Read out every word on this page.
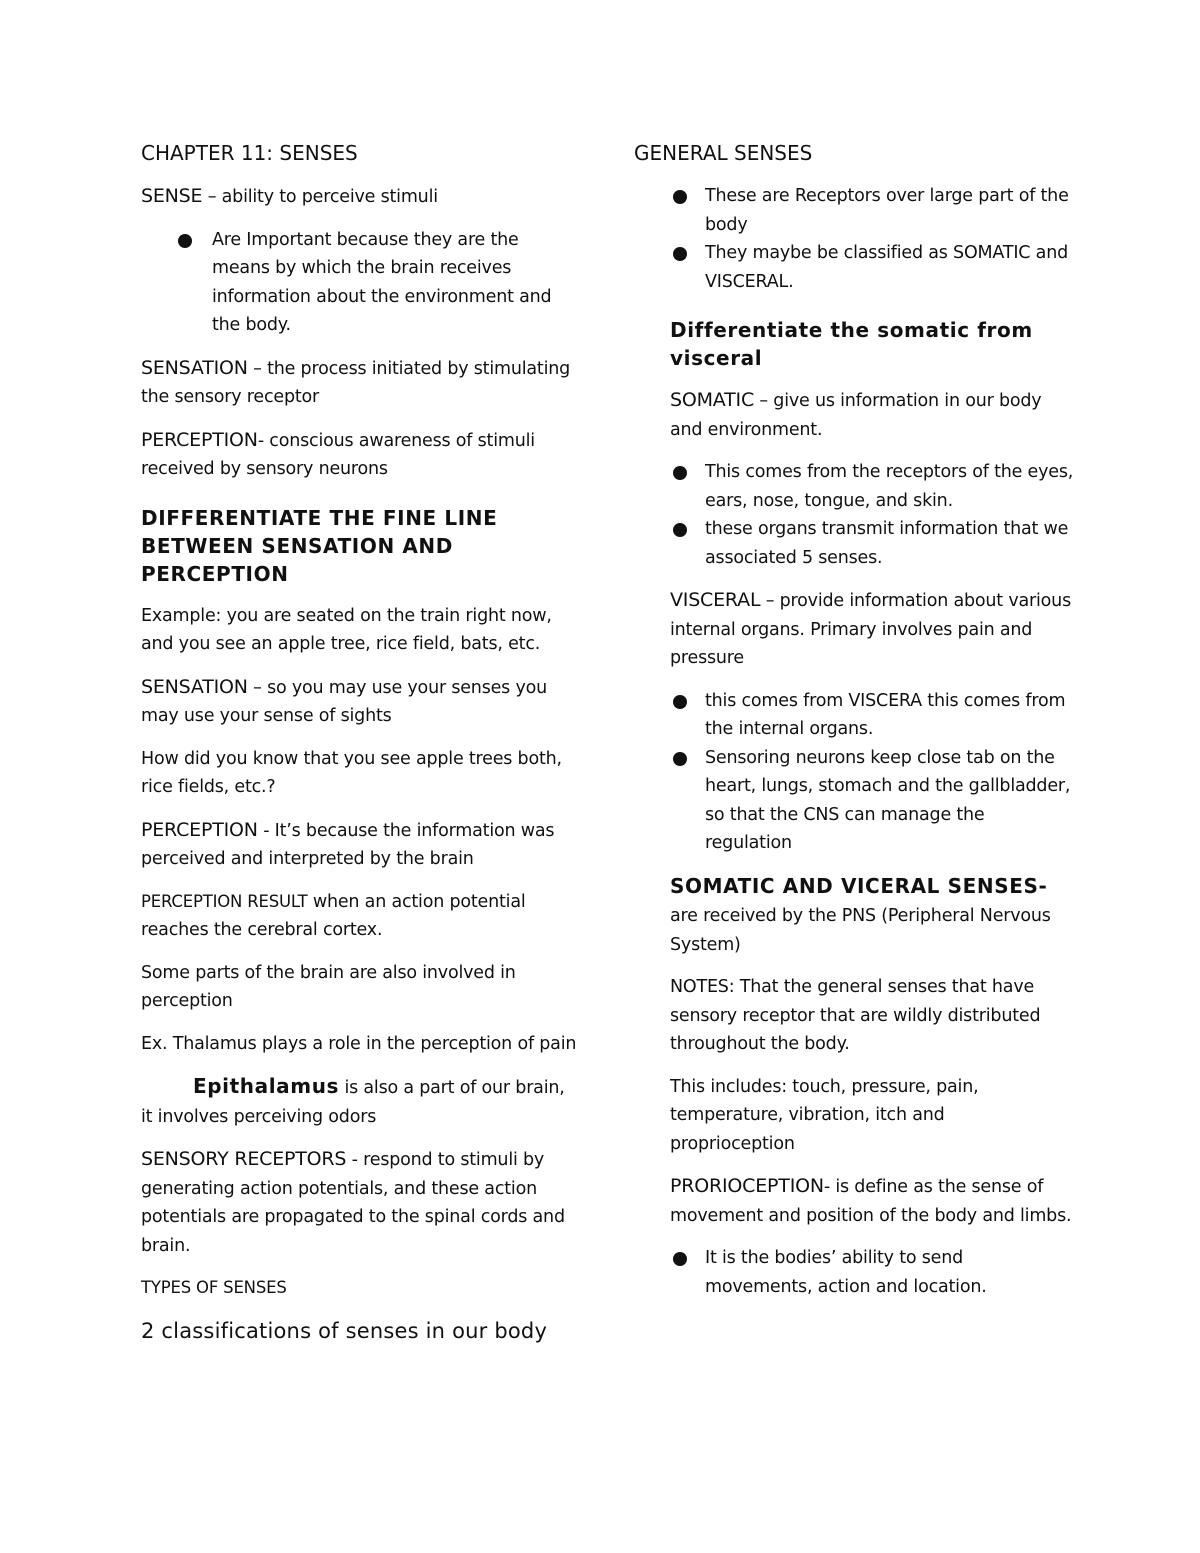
CHAPTER 11: SENSES

SENSE – ability to perceive stimuli

Are Important because they are the means by which the brain receives information about the environment and the body.

SENSATION – the process initiated by stimulating the sensory receptor

PERCEPTION- conscious awareness of stimuli received by sensory neurons

DIFFERENTIATE THE FINE LINE BETWEEN SENSATION AND PERCEPTION

Example: you are seated on the train right now, and you see an apple tree, rice field, bats, etc.

SENSATION – so you may use your senses you may use your sense of sights

How did you know that you see apple trees both, rice fields, etc.?

PERCEPTION - It’s because the information was perceived and interpreted by the brain

PERCEPTION RESULT when an action potential reaches the cerebral cortex.

Some parts of the brain are also involved in perception

Ex. Thalamus plays a role in the perception of pain

Epithalamus is also a part of our brain, it involves perceiving odors

SENSORY RECEPTORS - respond to stimuli by generating action potentials, and these action potentials are propagated to the spinal cords and brain.

TYPES OF SENSES

2 classifications of senses in our body

GENERAL SENSES

These are Receptors over large part of the body
They maybe be classified as SOMATIC and VISCERAL.

Differentiate the somatic from visceral

SOMATIC – give us information in our body and environment.

This comes from the receptors of the eyes, ears, nose, tongue, and skin.
these organs transmit information that we associated 5 senses.

VISCERAL – provide information about various internal organs. Primary involves pain and pressure

this comes from VISCERA this comes from the internal organs.
Sensoring neurons keep close tab on the heart, lungs, stomach and the gallbladder, so that the CNS can manage the regulation

SOMATIC AND VICERAL SENSES- are received by the PNS (Peripheral Nervous System)

NOTES: That the general senses that have sensory receptor that are wildly distributed throughout the body.

This includes: touch, pressure, pain, temperature, vibration, itch and proprioception

PRORIOCEPTION- is define as the sense of movement and position of the body and limbs.

It is the bodies’ ability to send movements, action and location.
